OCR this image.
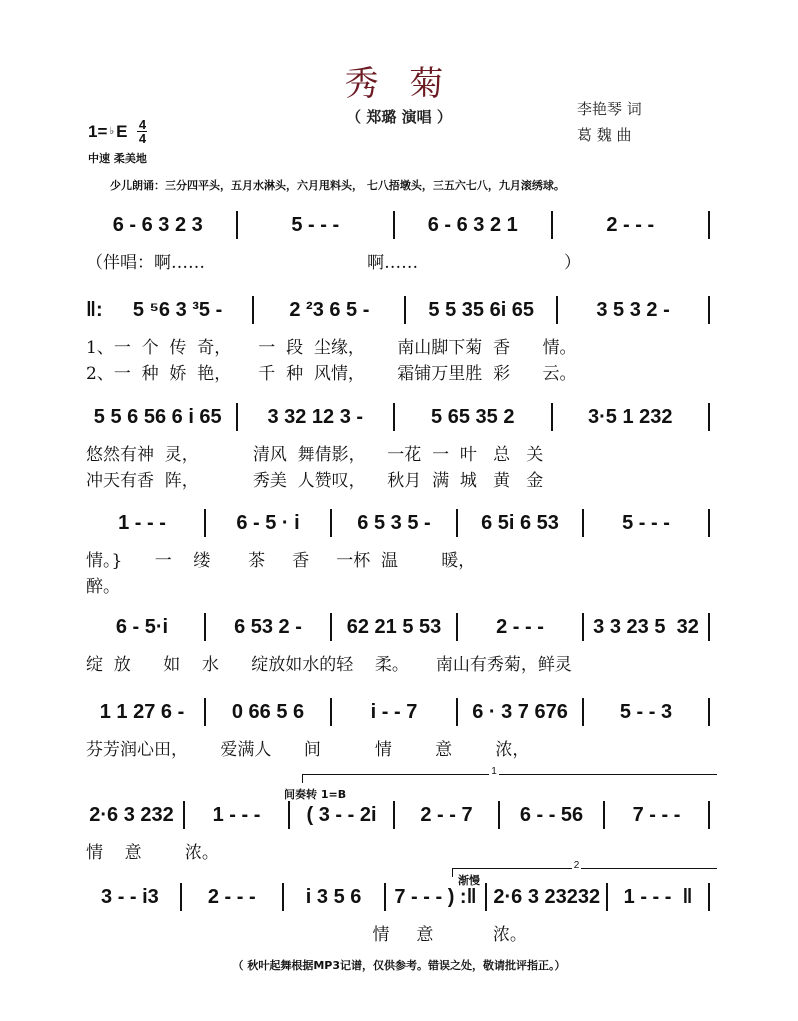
秀 菊
（ 郑璐 演唱 ）	李艳琴 词
葛 魏 曲
1= ♭ E $\frac{4}{4}$
中速 柔美地
少儿朗诵：三分四平头，五月水淋头，六月甩料头， 七八捂墩头，三五六七八，九月滚绣球。
6 - 6 3 2 3	5 - - -	6 - 6 3 2 1	2 - - -
（伴唱：啊……                              啊……                           ）
‖:	5 ⁵6 3 ³5 -	2 ²3 6 5 -	5 5 35 6i 65	3 5 3 2 -
1、一  个  传  奇，     一  段  尘缘，      南山脚下菊  香      情。
2、一  种  娇  艳，     千  种  风情，      霜铺万里胜  彩      云。
5 5 6 56 6 i 65	3 32 12 3 -	5 65 35 2	3·5 1 232
悠然有神  灵，          清风  舞倩影，    一花  一  叶   总   关
冲天有香  阵，          秀美  人赞叹，    秋月  满  城   黄   金
1 - - -	6 - 5 · i	6 5 3 5 -	6 5i 6 53	5 - - -
情。}      一    缕       茶     香     一杯  温        暖，
醉。
6 - 5·i	6 53 2 -	62 21 5 53	2 - - -	3 3 23 5  32
绽  放      如    水      绽放如水的轻    柔。     南山有秀菊，鲜灵
1 1 27 6 -	0 66 5 6	i - - 7	6 · 3 7 676	5 - - 3
芬芳润心田，      爱满人      间          情        意        浓，
2·6 3 232	1 - - -	( 3 - - 2i	2 - - 7	6 - - 56	7 - - -
情    意        浓。
1
间奏转 1=B
3 - - i3	2 - - -	i 3 5 6	7 - - - ) :‖ 2·6 3 23232	1 - - -  ‖
情     意           浓。
2
渐慢
（ 秋叶起舞根据MP3记谱，仅供参考。错误之处，敬请批评指正。）
